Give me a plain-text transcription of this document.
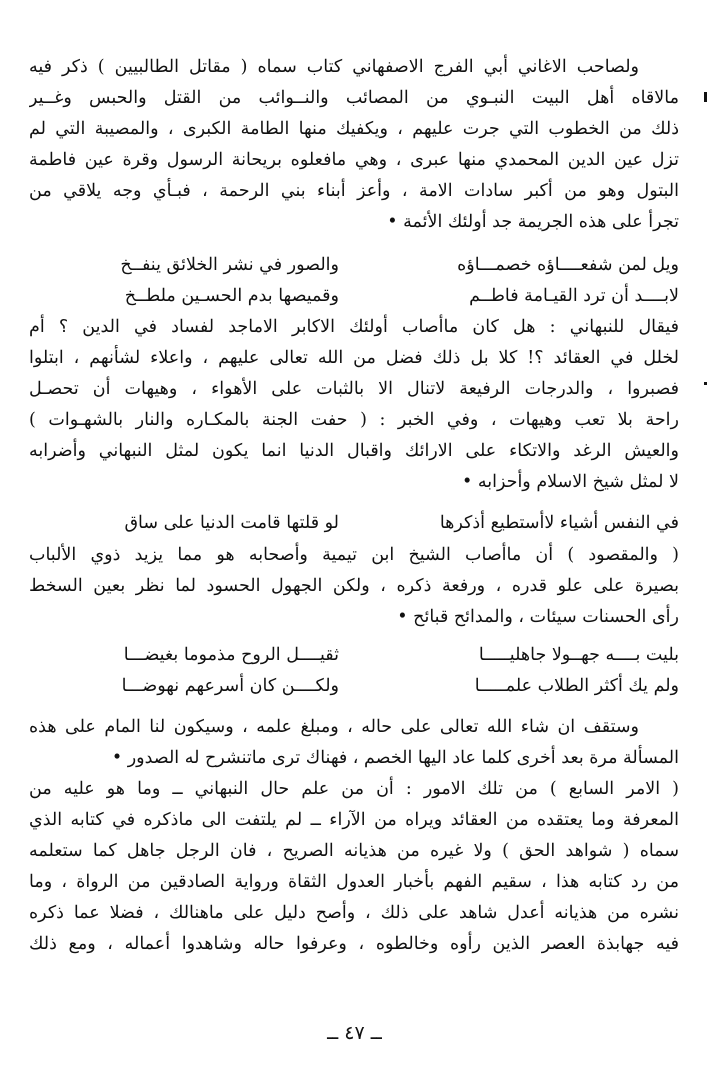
ولصاحب الاغاني أبي الفرج الاصفهاني كتاب سماه ( مقاتل الطالبيين ) ذكر فيه
مالاقاه أهل البيت النبـوي من المصائب والنــوائب من القتل والحبس وغــير
ذلك من الخطوب التي جرت عليهم ، ويكفيك منها الطامة الكبرى ، والمصيبة التي لم
تزل عين الدين المحمدي منها عبرى ، وهي مافعلوه بريحانة الرسول وقرة عين فاطمة
البتول وهو من أكبر سادات الامة ، وأعز أبناء بني الرحمة ، فبـأي وجه يلاقي من
تجرأ على هذه الجريمة جد أولئك الأئمة •
ويل لمن شفعــــاؤه خصمـــاؤه
والصور في نشر الخلائق ينفــخ
لابــــد أن ترد القيـامة فاطــم
وقميصها بدم الحسـين ملطــخ
فيقال للنبهاني : هل كان ماأصاب أولئك الاكابر الاماجد لفساد في الدين ؟ أم
لخلل في العقائد ؟! كلا بل ذلك فضل من الله تعالى عليهم ، واعلاء لشأنهم ، ابتلوا
فصبروا ، والدرجات الرفيعة لاتنال الا بالثبات على الأهواء ، وهيهات أن تحصـل
راحة بلا تعب وهيهات ، وفي الخبر : ( حفت الجنة بالمكـاره والنار بالشهـوات )
والعيش الرغد والاتكاء على الارائك واقبال الدنيا انما يكون لمثل النبهاني وأضرابه
لا لمثل شيخ الاسلام وأحزابه •
في النفس أشياء لاأستطيع أذكرها
لو قلتها قامت الدنيا على ساق
( والمقصود ) أن ماأصاب الشيخ ابن تيمية وأصحابه هو مما يزيد ذوي الألباب
بصيرة على علو قدره ، ورفعة ذكره ، ولكن الجهول الحسود لما نظر بعين السخط
رأى الحسنات سيئات ، والمدائح قبائح •
بليت بــــه جهــولا جاهليـــــا
ثقيــــل الروح مذموما بغيضـــا
ولم يك أكثر الطلاب علمـــــا
ولكــــن كان أسرعهم نهوضـــا
وستقف ان شاء الله تعالى على حاله ، ومبلغ علمه ، وسيكون لنا المام على هذه
المسألة مرة بعد أخرى كلما عاد اليها الخصم ، فهناك ترى ماتنشرح له الصدور •
( الامر السابع ) من تلك الامور : أن من علم حال النبهاني ــ وما هو عليه من
المعرفة وما يعتقده من العقائد ويراه من الآراء ــ لم يلتفت الى ماذكره في كتابه الذي
سماه ( شواهد الحق ) ولا غيره من هذيانه الصريح ، فان الرجل جاهل كما ستعلمه
من رد كتابه هذا ، سقيم الفهم بأخبار العدول الثقاة ورواية الصادقين من الرواة ، وما
نشره من هذيانه أعدل شاهد على ذلك ، وأصح دليل على ماهنالك ، فضلا عما ذكره
فيه جهابذة العصر الذين رأوه وخالطوه ، وعرفوا حاله وشاهدوا أعماله ، ومع ذلك
ــ ٤٧ ــ
